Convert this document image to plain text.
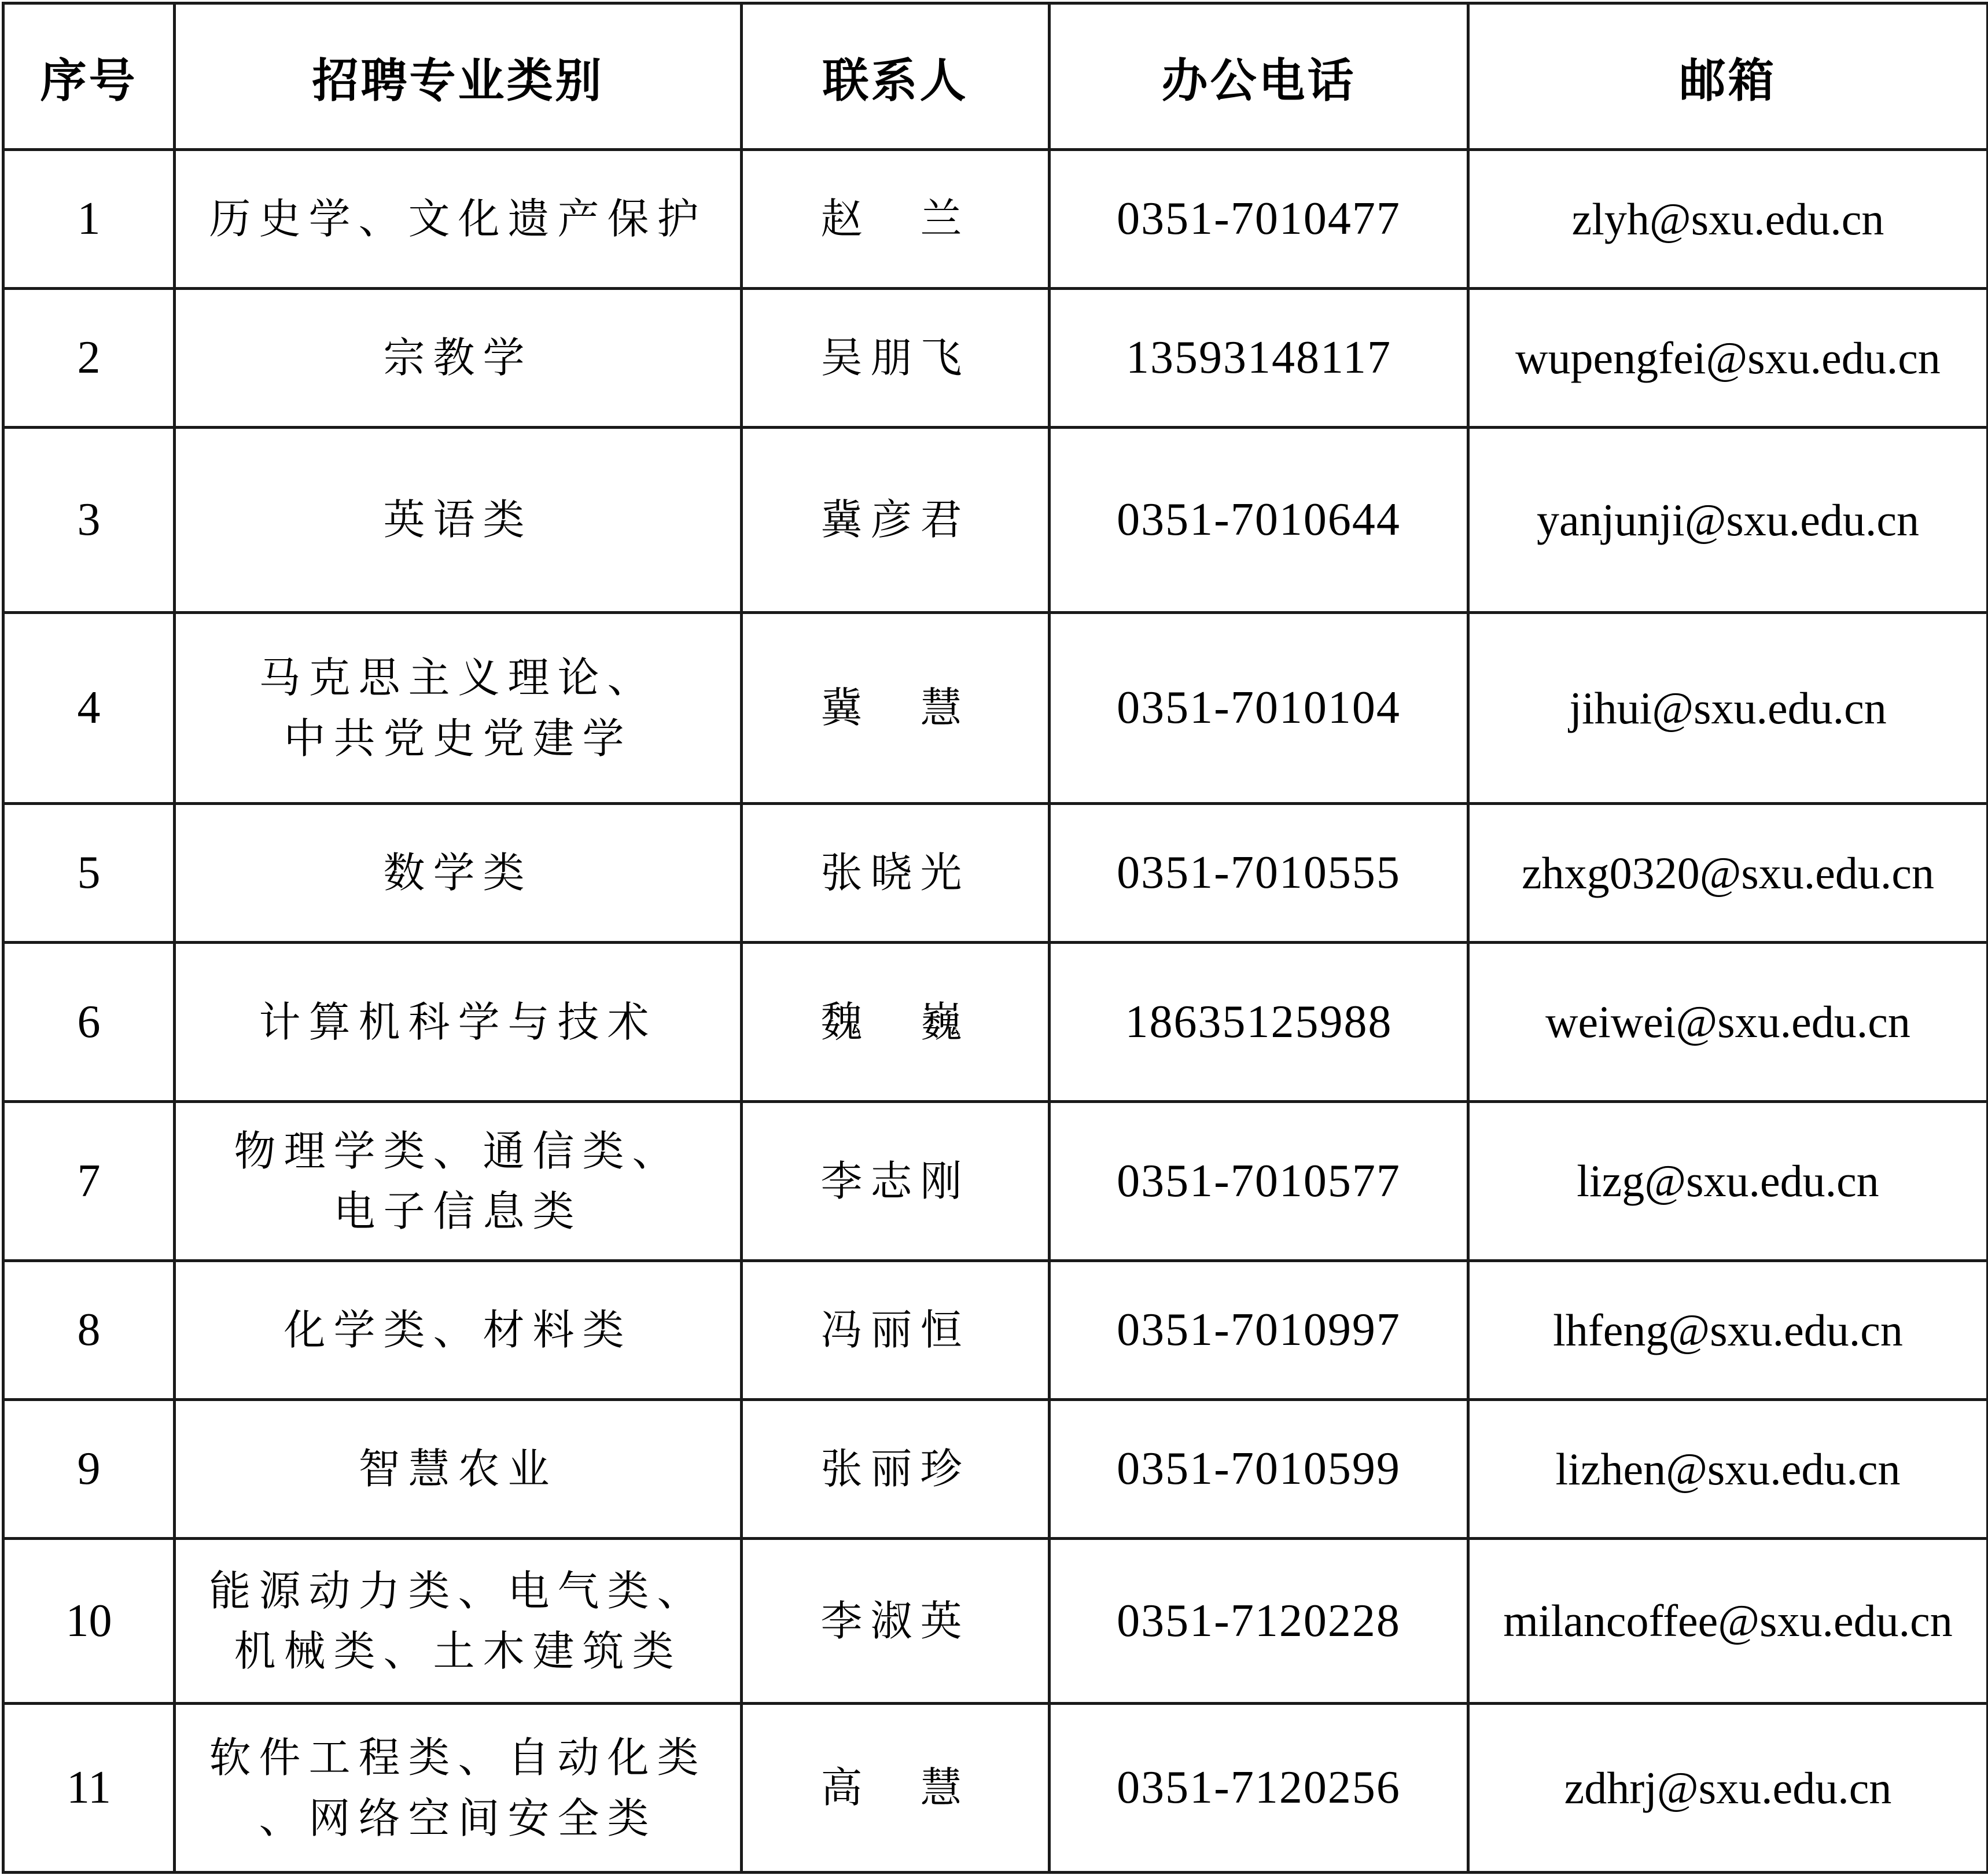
序号	招聘专业类别	联系人	办公电话	邮箱
1	历史学、文化遗产保护	赵　兰	0351-7010477	zlyh@sxu.edu.cn
2	宗教学	吴朋飞	13593148117	wupengfei@sxu.edu.cn
3	英语类	冀彦君	0351-7010644	yanjunji@sxu.edu.cn
4	马克思主义理论、
中共党史党建学	冀　慧	0351-7010104	jihui@sxu.edu.cn
5	数学类	张晓光	0351-7010555	zhxg0320@sxu.edu.cn
6	计算机科学与技术	魏　巍	18635125988	weiwei@sxu.edu.cn
7	物理学类、通信类、
电子信息类	李志刚	0351-7010577	lizg@sxu.edu.cn
8	化学类、材料类	冯丽恒	0351-7010997	lhfeng@sxu.edu.cn
9	智慧农业	张丽珍	0351-7010599	lizhen@sxu.edu.cn
10	能源动力类、电气类、
机械类、土木建筑类	李淑英	0351-7120228	milancoffee@sxu.edu.cn
11	软件工程类、自动化类
、网络空间安全类	高　慧	0351-7120256	zdhrj@sxu.edu.cn
